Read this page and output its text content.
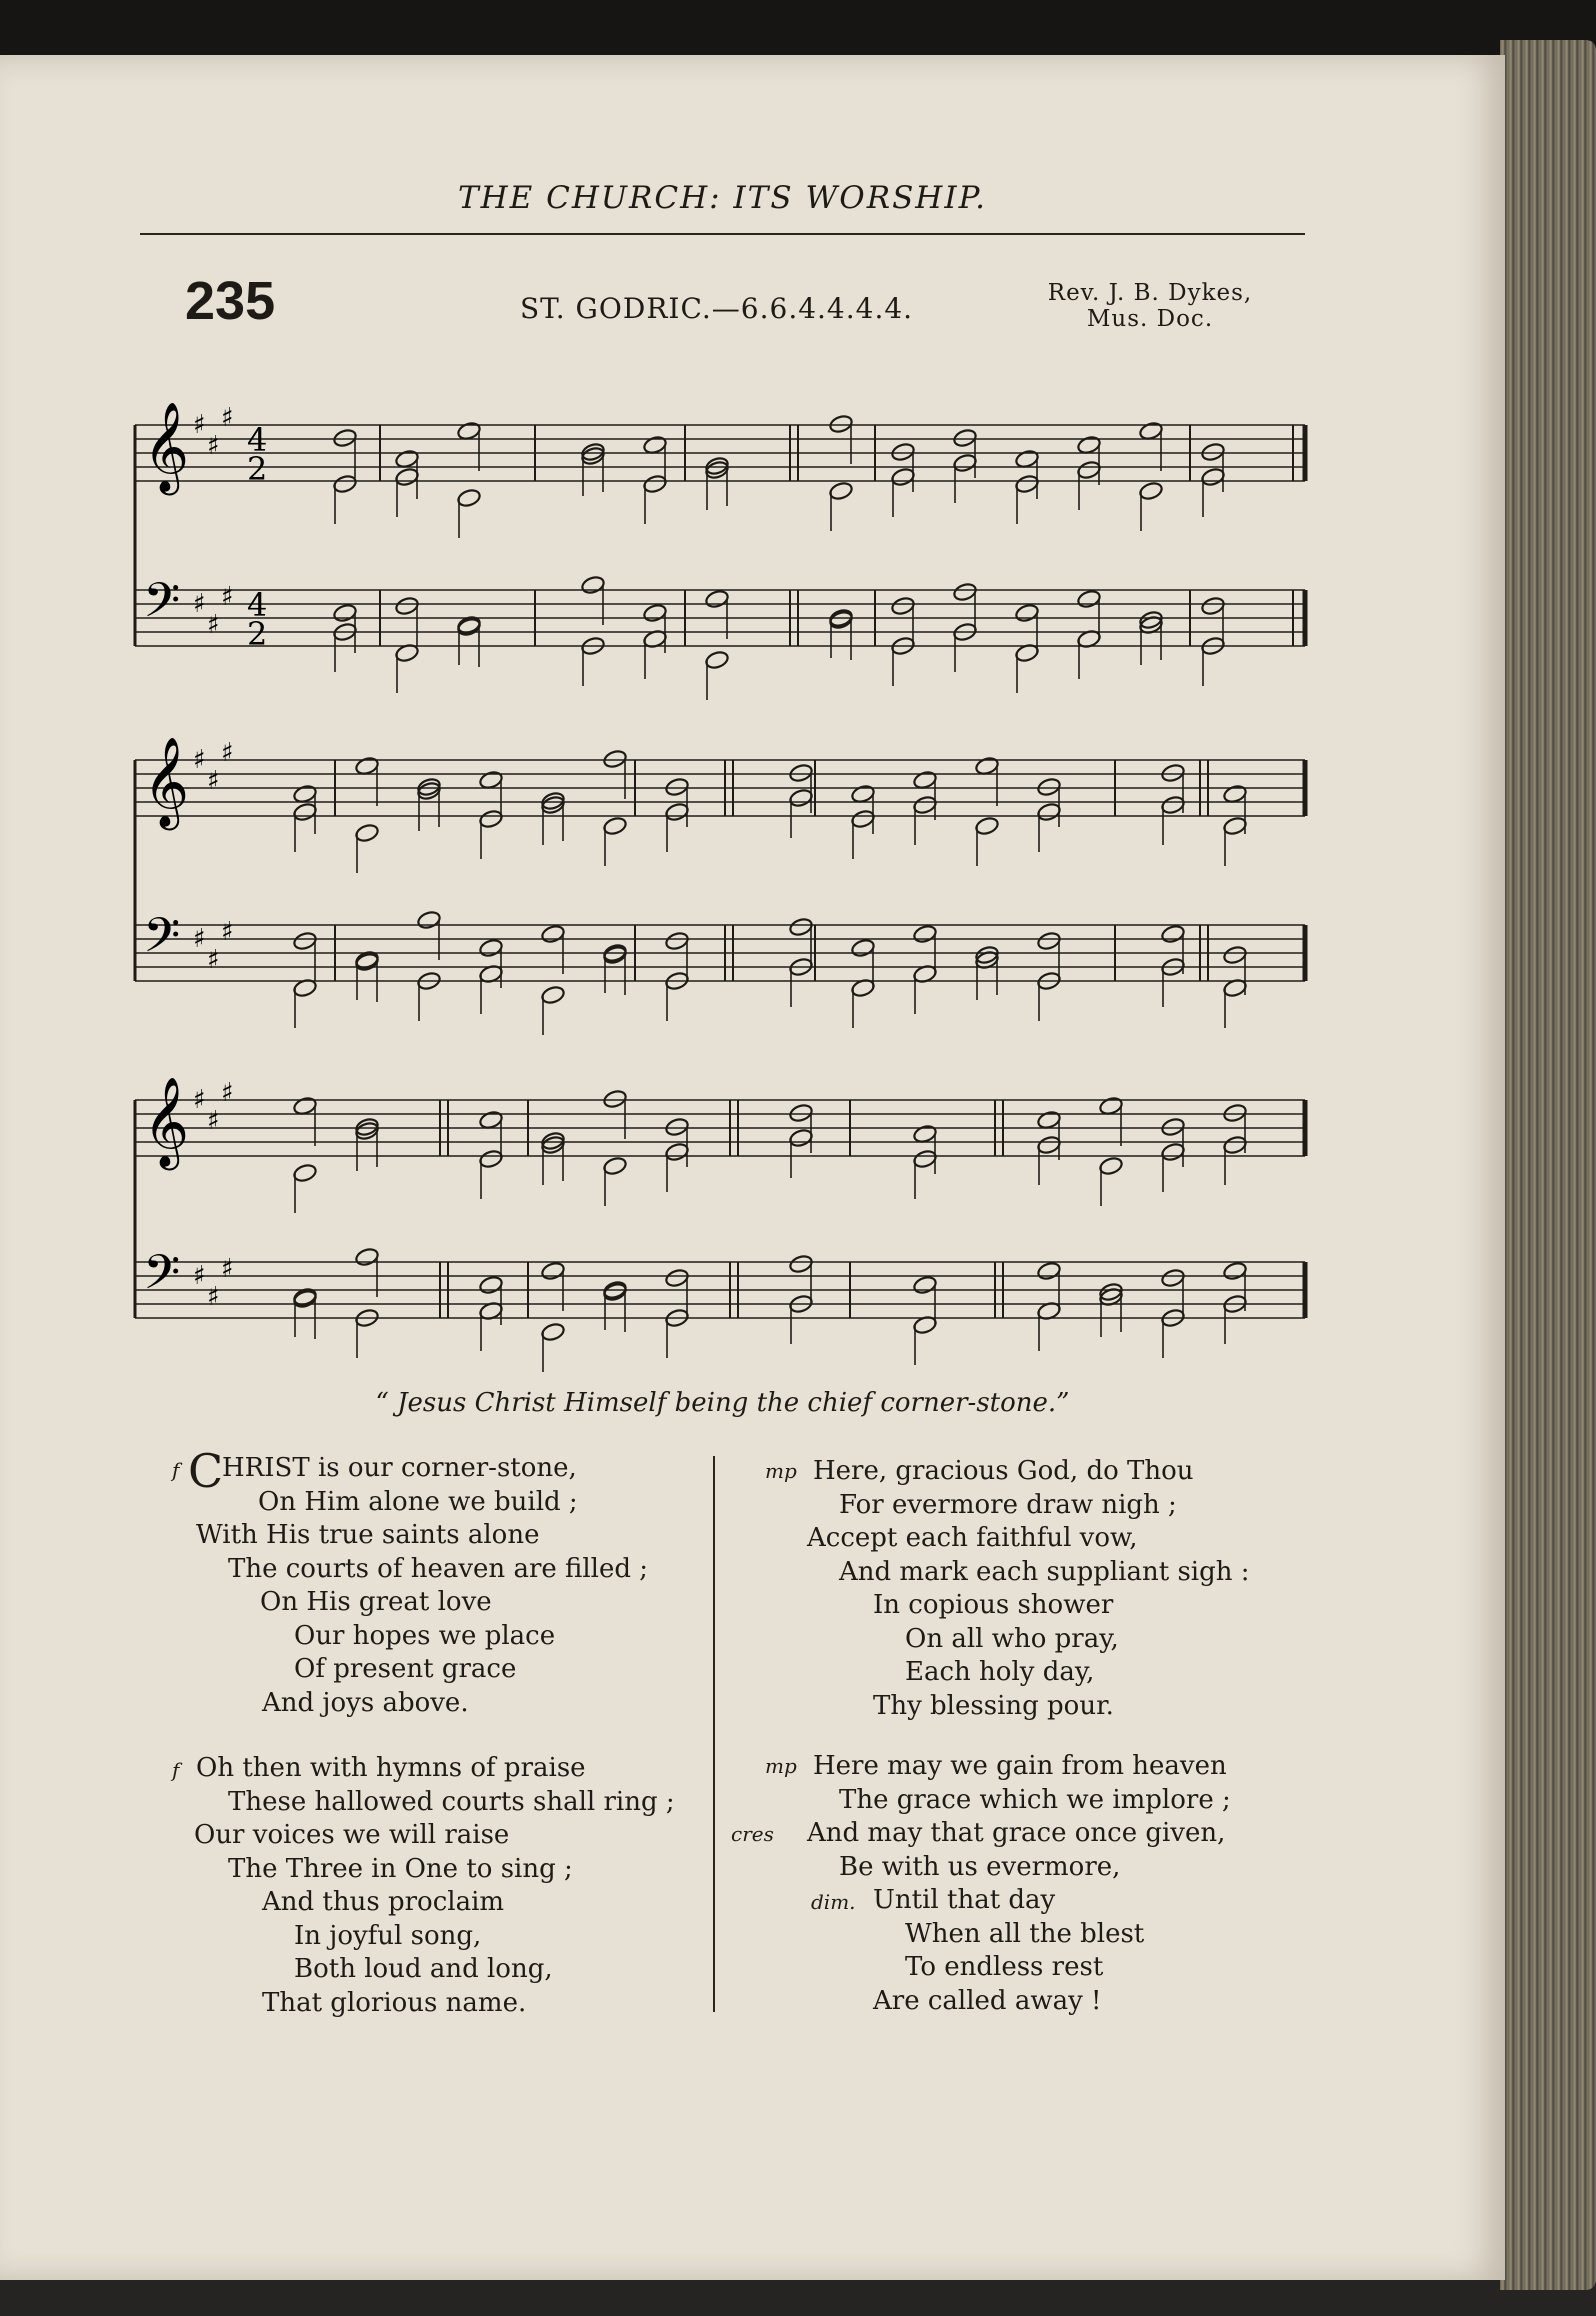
THE CHURCH: ITS WORSHIP.
235	ST. GODRIC.—6.6.4.4.4.4.	Rev. J. B. Dykes,
Mus. Doc.
𝄞 ♯
♯
♯
4
2
𝄢 ♯
♯
♯ 4
2
𝄞 ♯
♯
♯
𝄢 ♯
♯
♯
𝄞 ♯
♯
♯
𝄢 ♯
♯
♯
“ Jesus Christ Himself being the chief corner-stone.”
f C
HRIST is our corner-stone,
On Him alone we build ;
With His true saints alone
The courts of heaven are filled ;
On His great love
Our hopes we place
Of present grace
And joys above.
f Oh then with hymns of praise
These hallowed courts shall ring ;
Our voices we will raise
The Three in One to sing ;
And thus proclaim
In joyful song,
Both loud and long,
That glorious name.
mp Here, gracious God, do Thou
For evermore draw nigh ;
Accept each faithful vow,
And mark each suppliant sigh :
In copious shower
On all who pray,
Each holy day,
Thy blessing pour.
mp
cres
dim.
Here may we gain from heaven
The grace which we implore ;
And may that grace once given,
Be with us evermore,
Until that day
When all the blest
To endless rest
Are called away !
